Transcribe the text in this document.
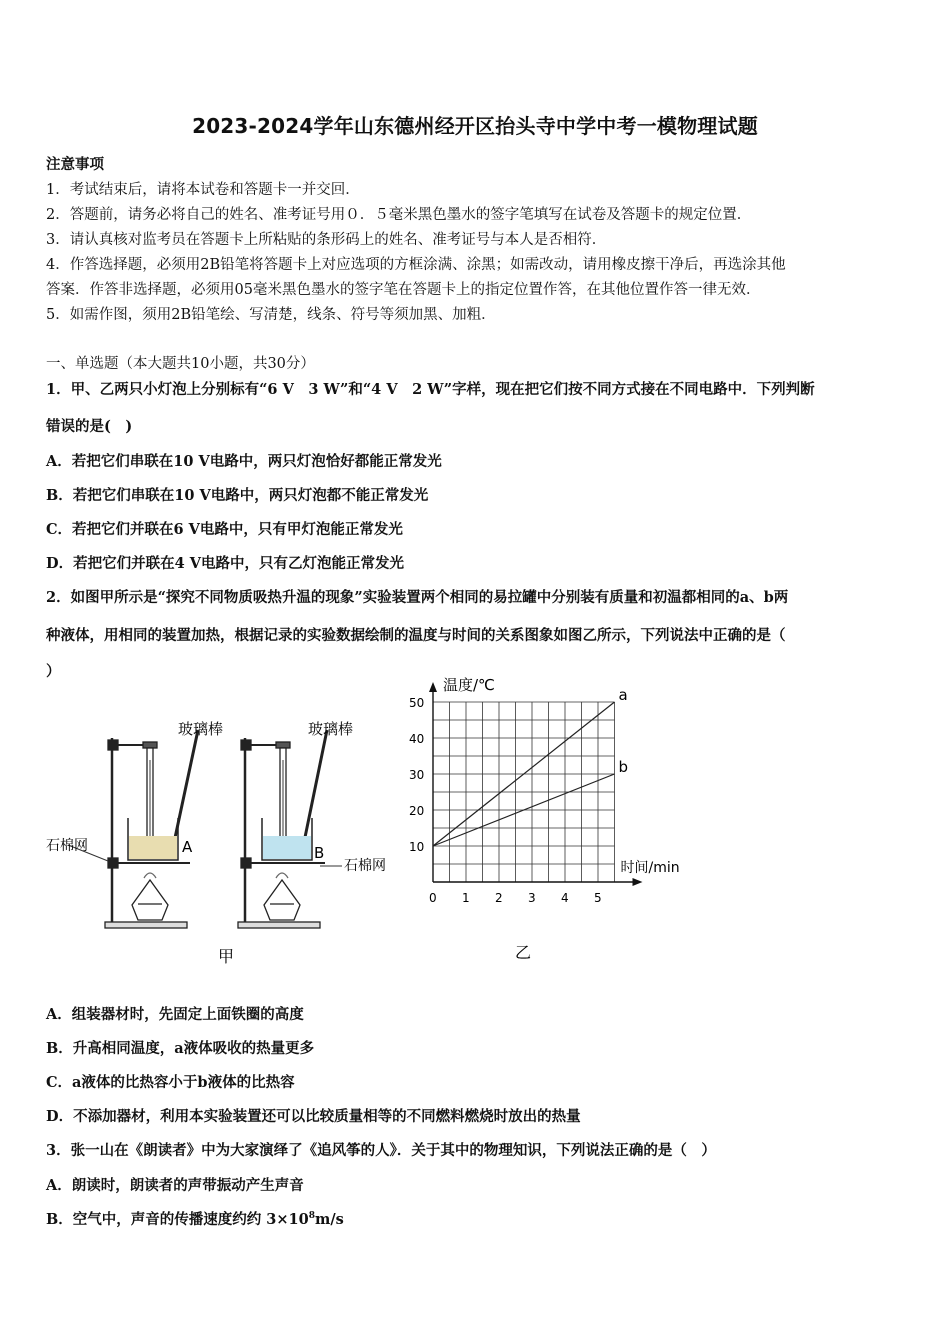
2023-2024学年山东德州经开区抬头寺中学中考一模物理试题
注意事项
1．考试结束后，请将本试卷和答题卡一并交回．
2．答题前，请务必将自己的姓名、准考证号用０．５毫米黑色墨水的签字笔填写在试卷及答题卡的规定位置．
3．请认真核对监考员在答题卡上所粘贴的条形码上的姓名、准考证号与本人是否相符．
4．作答选择题，必须用2B铅笔将答题卡上对应选项的方框涂满、涂黑；如需改动，请用橡皮擦干净后，再选涂其他
答案．作答非选择题，必须用05毫米黑色墨水的签字笔在答题卡上的指定位置作答，在其他位置作答一律无效．
5．如需作图，须用2B铅笔绘、写清楚，线条、符号等须加黑、加粗．
一、单选题（本大题共10小题，共30分）
1．甲、乙两只小灯泡上分别标有“6 V　3 W”和“4 V　2 W”字样，现在把它们按不同方式接在不同电路中．下列判断
错误的是(　)
A．若把它们串联在10 V电路中，两只灯泡恰好都能正常发光
B．若把它们串联在10 V电路中，两只灯泡都不能正常发光
C．若把它们并联在6 V电路中，只有甲灯泡能正常发光
D．若把它们并联在4 V电路中，只有乙灯泡能正常发光
2．如图甲所示是“探究不同物质吸热升温的现象”实验装置两个相同的易拉罐中分别装有质量和初温都相同的a、b两
种液体，用相同的装置加热，根据记录的实验数据绘制的温度与时间的关系图象如图乙所示，下列说法中正确的是（
）
玻璃棒	玻璃棒
石棉网
石棉网
A	B
甲
温度/℃
时间/min
0 1 2 3 4 5
10
20
30
40
50	a
b
乙
A．组装器材时，先固定上面铁圈的高度
B．升高相同温度，a液体吸收的热量更多
C．a液体的比热容小于b液体的比热容
D．不添加器材，利用本实验装置还可以比较质量相等的不同燃料燃烧时放出的热量
3．张一山在《朗读者》中为大家演绎了《追风筝的人》．关于其中的物理知识，下列说法正确的是（　）
A．朗读时，朗读者的声带振动产生声音
B．空气中，声音的传播速度约约 $3\times 10^8m/s$
